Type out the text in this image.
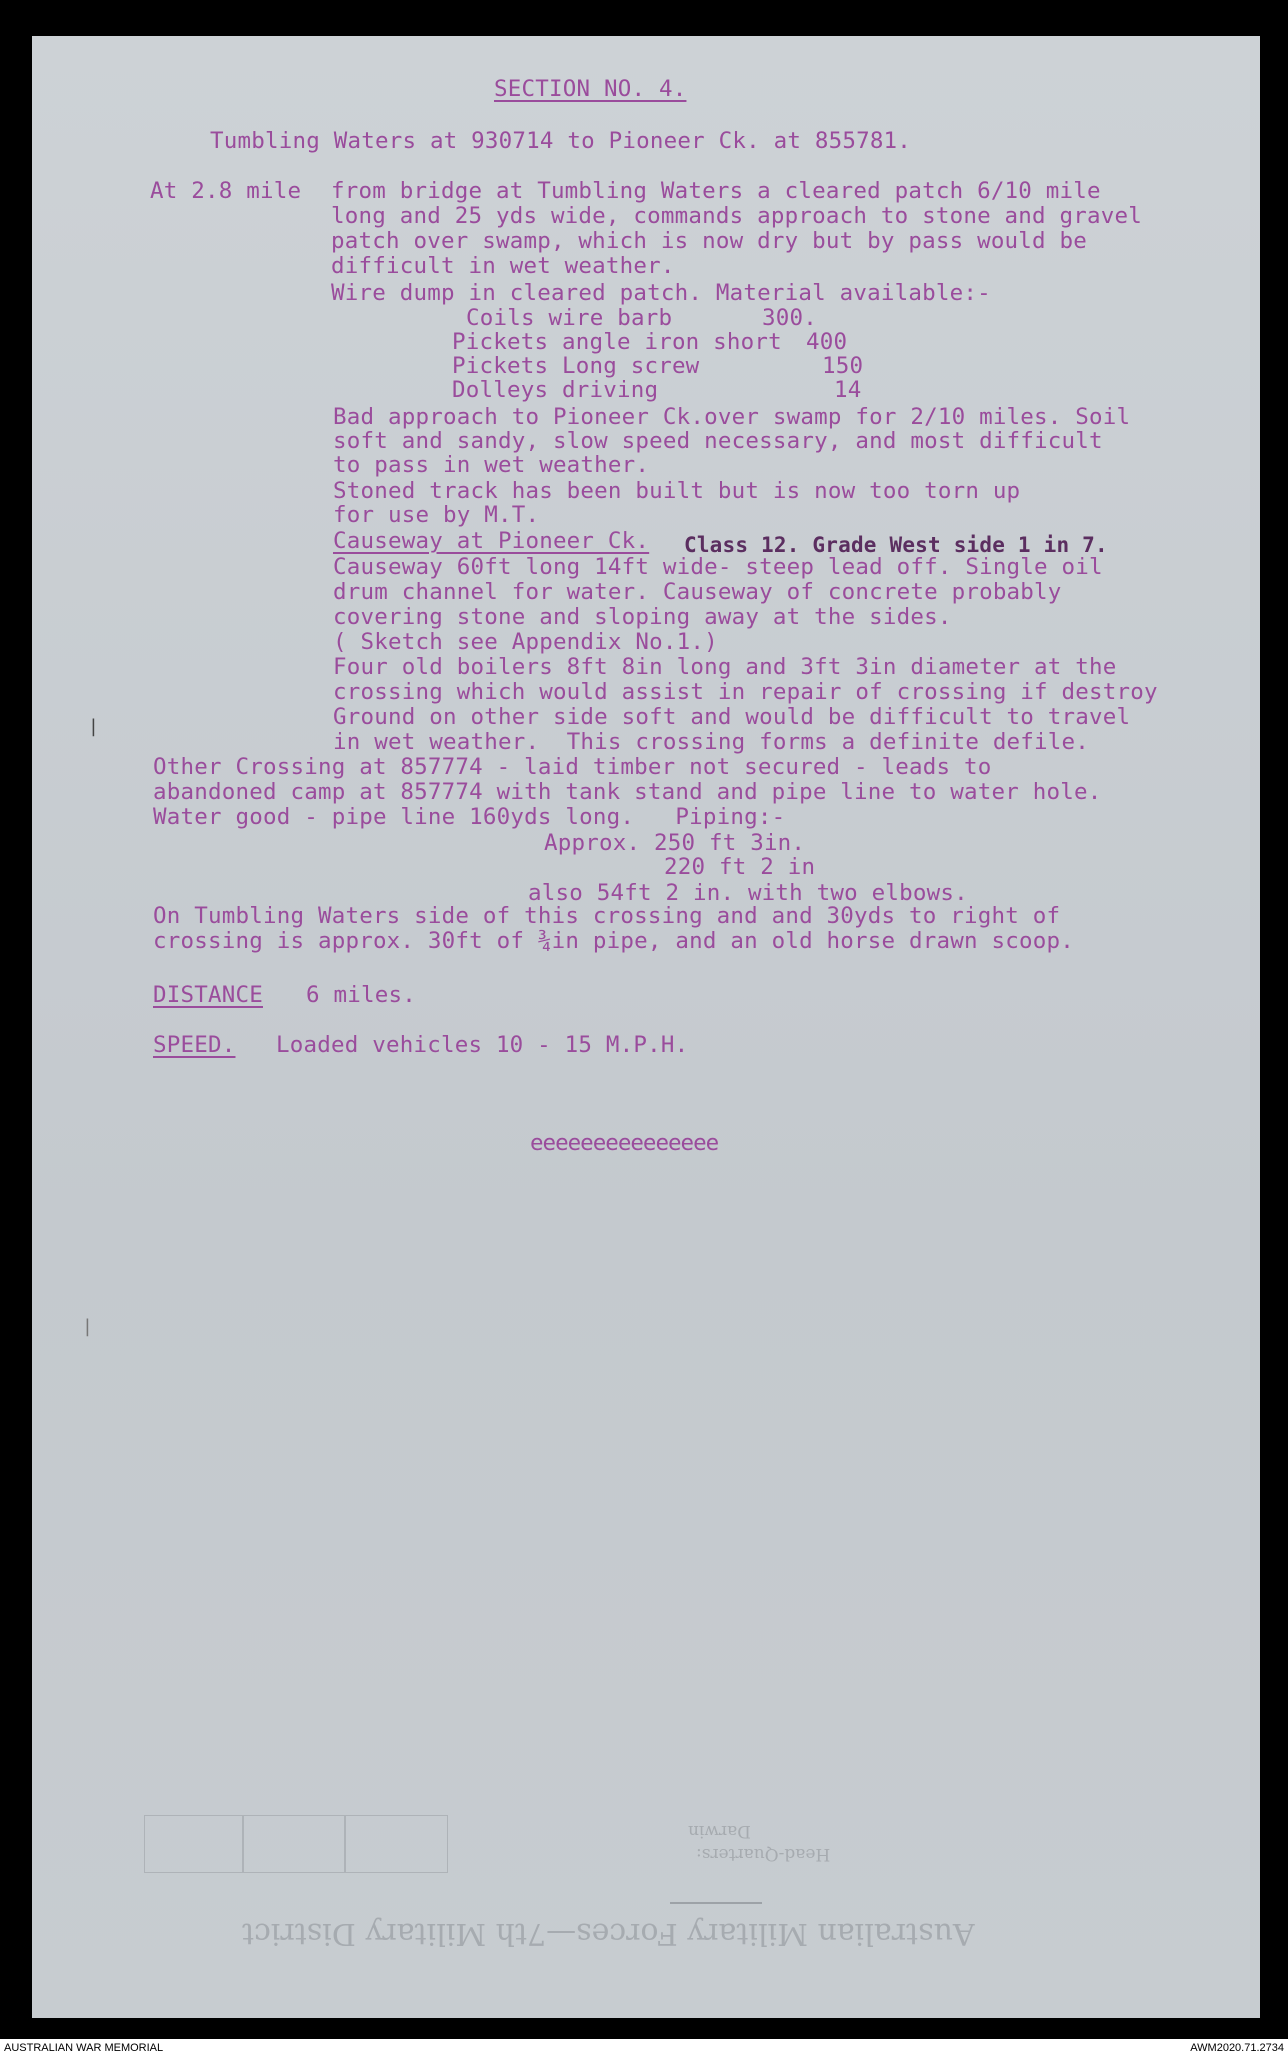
SECTION NO. 4.
Tumbling Waters at 930714 to Pioneer Ck. at 855781.
At 2.8 mile from bridge at Tumbling Waters a cleared patch 6/10 mile
long and 25 yds wide, commands approach to stone and gravel
patch over swamp, which is now dry but by pass would be
difficult in wet weather.
Wire dump in cleared patch. Material available:-
Coils wire barb	300.
Pickets angle iron short 400
Pickets Long screw	150
Dolleys driving	14
Bad approach to Pioneer Ck.over swamp for 2/10 miles. Soil
soft and sandy, slow speed necessary, and most difficult
to pass in wet weather.
Stoned track has been built but is now too torn up
for use by M.T.
Causeway at Pioneer Ck. Class 12. Grade West side 1 in 7.
Causeway 60ft long 14ft wide- steep lead off. Single oil
drum channel for water. Causeway of concrete probably
covering stone and sloping away at the sides.
( Sketch see Appendix No.1.)
Four old boilers 8ft 8in long and 3ft 3in diameter at the
crossing which would assist in repair of crossing if destroy
Ground on other side soft and would be difficult to travel
in wet weather.  This crossing forms a definite defile.
Other Crossing at 857774 - laid timber not secured - leads to
abandoned camp at 857774 with tank stand and pipe line to water hole.
Water good - pipe line 160yds long.   Piping:-
Approx. 250 ft 3in.
220 ft 2 in
also 54ft 2 in. with two elbows.
On Tumbling Waters side of this crossing and and 30yds to right of
crossing is approx. 30ft of ¾in pipe, and an old horse drawn scoop.
DISTANCE 6 miles.
SPEED. Loaded vehicles 10 - 15 M.P.H.
eeeeeeeeeeeeeee
Darwin
Head-Quarters:
Australian Military Forces—7th Military District
|
|
AUSTRALIAN WAR MEMORIAL	AWM2020.71.2734
